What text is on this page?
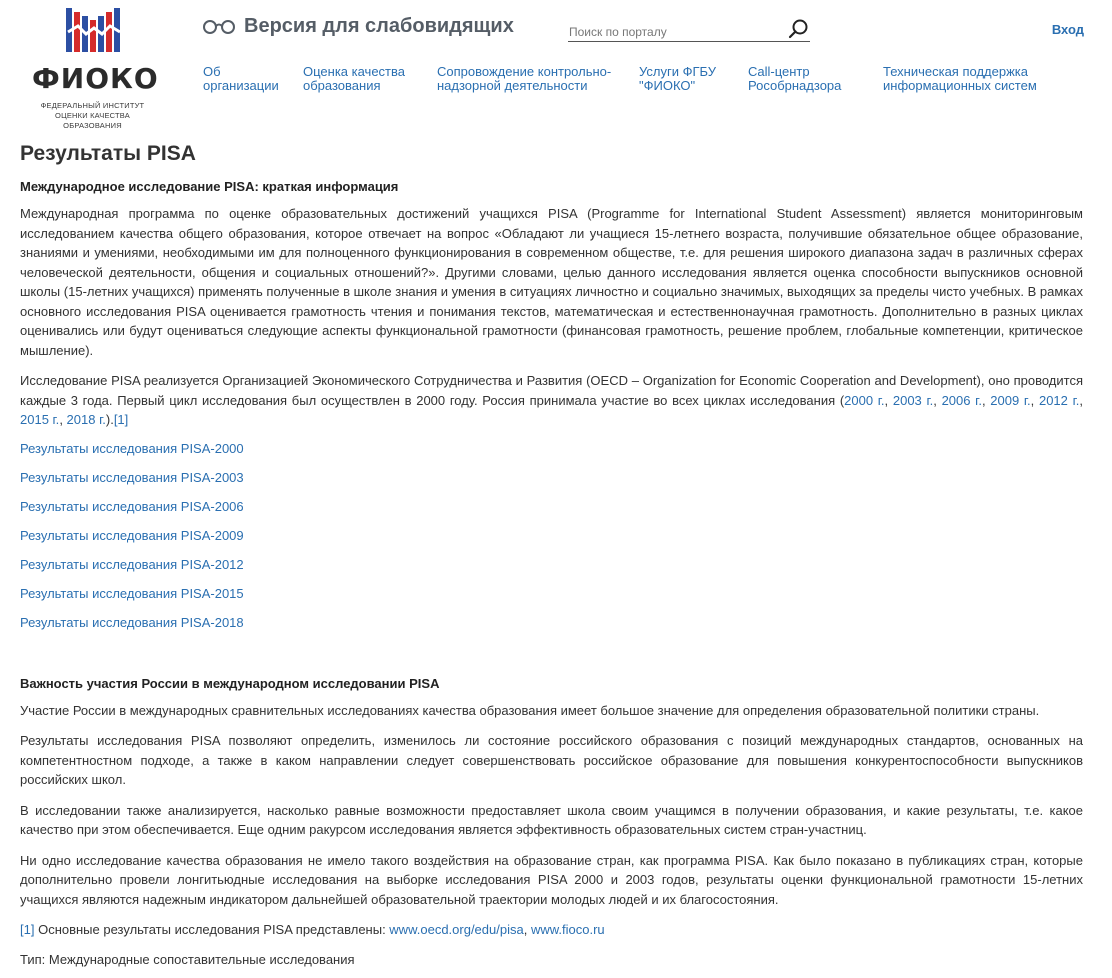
ФИОКО
ФЕДЕРАЛЬНЫЙ ИНСТИТУТ
ОЦЕНКИ КАЧЕСТВА ОБРАЗОВАНИЯ
Версия для слабовидящих
Поиск по порталу	Вход
Об
организации
Оценка качества
образования
Сопровождение контрольно-
надзорной деятельности
Услуги ФГБУ
"ФИОКО"
Call-центр
Рособрнадзора
Техническая поддержка
информационных систем
Результаты PISA
Международное исследование PISA: краткая информация
Международная программа по оценке образовательных достижений учащихся PISA (Programme for International Student Assessment) является мониторинговым исследованием качества общего образования, которое отвечает на вопрос «Обладают ли учащиеся 15-летнего возраста, получившие обязательное общее образование, знаниями и умениями, необходимыми им для полноценного функционирования в современном обществе, т.е. для решения широкого диапазона задач в различных сферах человеческой деятельности, общения и социальных отношений?». Другими словами, целью данного исследования является оценка способности выпускников основной школы (15-летних учащихся) применять полученные в школе знания и умения в ситуациях личностно и социально значимых, выходящих за пределы чисто учебных. В рамках основного исследования PISA оценивается грамотность чтения и понимания текстов, математическая и естественнонаучная грамотность. Дополнительно в разных циклах оценивались или будут оцениваться следующие аспекты функциональной грамотности (финансовая грамотность, решение проблем, глобальные компетенции, критическое мышление).
Исследование PISA реализуется Организацией Экономического Сотрудничества и Развития (OECD – Organization for Economic Cooperation and Development), оно проводится каждые 3 года. Первый цикл исследования был осуществлен в 2000 году. Россия принимала участие во всех циклах исследования (2000 г., 2003 г., 2006 г., 2009 г., 2012 г., 2015 г., 2018 г.).[1]
Результаты исследования PISA-2000
Результаты исследования PISA-2003
Результаты исследования PISA-2006
Результаты исследования PISA-2009
Результаты исследования PISA-2012
Результаты исследования PISA-2015
Результаты исследования PISA-2018
Важность участия России в международном исследовании PISA
Участие России в международных сравнительных исследованиях качества образования имеет большое значение для определения образовательной политики страны.
Результаты исследования PISA позволяют определить, изменилось ли состояние российского образования с позиций международных стандартов, основанных на компетентностном подходе, а также в каком направлении следует совершенствовать российское образование для повышения конкурентоспособности выпускников российских школ.
В исследовании также анализируется, насколько равные возможности предоставляет школа своим учащимся в получении образования, и какие результаты, т.е. какое качество при этом обеспечивается. Еще одним ракурсом исследования является эффективность образовательных систем стран-участниц.
Ни одно исследование качества образования не имело такого воздействия на образование стран, как программа PISA. Как было показано в публикациях стран, которые дополнительно провели лонгитьюдные исследования на выборке исследования PISA 2000 и 2003 годов, результаты оценки функциональной грамотности 15-летних учащихся являются надежным индикатором дальнейшей образовательной траектории молодых людей и их благосостояния.
[1] Основные результаты исследования PISA представлены: www.oecd.org/edu/pisa, www.fioco.ru
Тип: Международные сопоставительные исследования
